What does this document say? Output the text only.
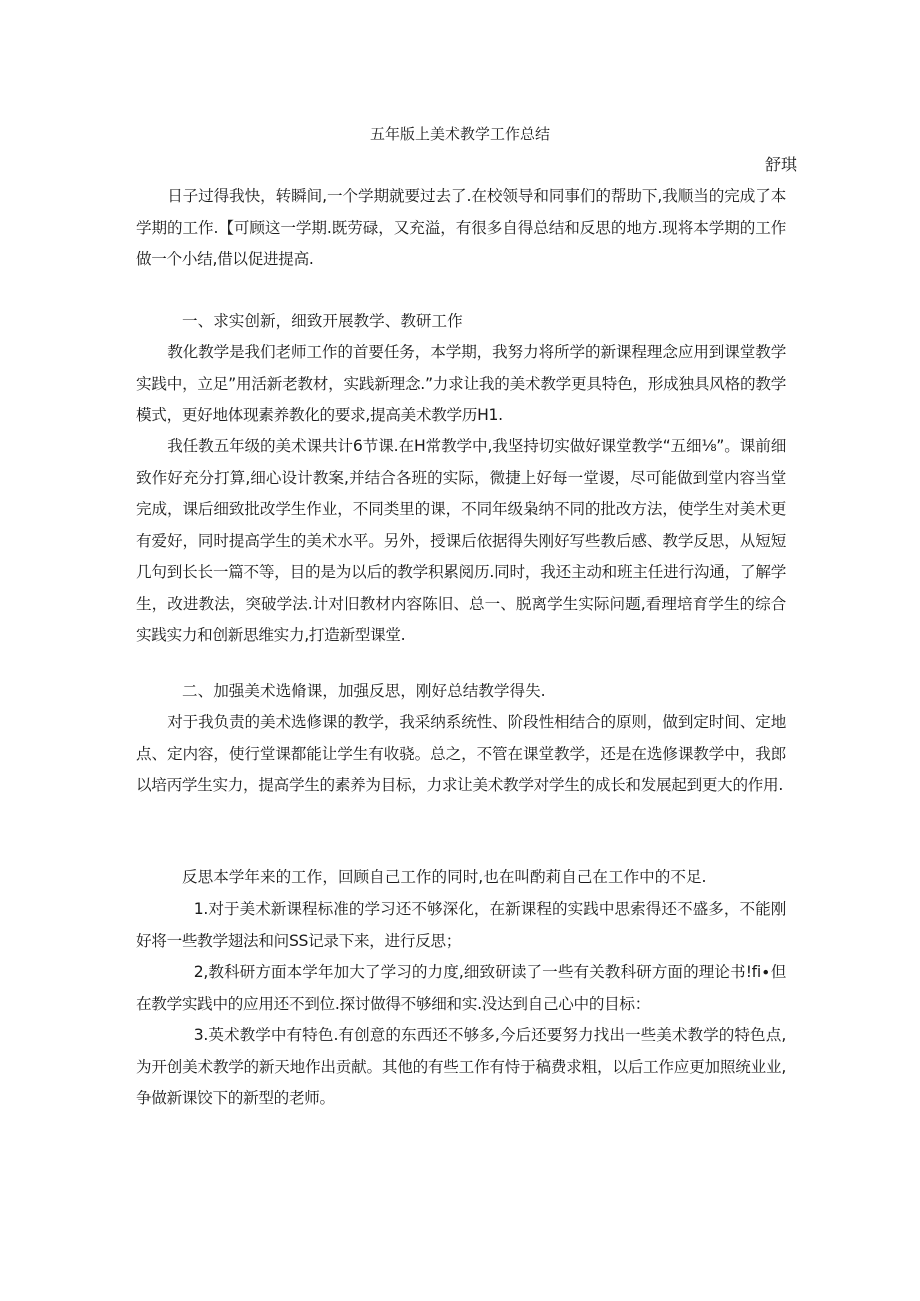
五年版上美术教学工作总结
舒琪

日子过得我快，转瞬间,一个学期就要过去了.在校领导和同事们的帮助下,我顺当的完成了本学期的工作.【可顾这一学期.既劳碌，又充溢，有很多自得总结和反思的地方.现将本学期的工作做一个小结,借以促进提高.

一、求实创新，细致开展教学、教研工作

教化教学是我们老师工作的首要任务，本学期，我努力将所学的新课程理念应用到课堂教学实践中，立足”用活新老教材，实践新理念.”力求让我的美术教学更具特色，形成独具风格的教学模式，更好地体现素养教化的要求,提高美术教学历H1.

我任教五年级的美术课共计6节课.在H常教学中,我坚持切实做好课堂教学“五细⅛”。课前细致作好充分打算,细心设计教案,并结合各班的实际，微捷上好每一堂谡，尽可能做到堂内容当堂完成，课后细致批改学生作业，不同类里的课，不同年级枭纳不同的批改方法，使学生对美术更有爱好，同时提高学生的美术水平。另外，授课后依据得失刚好写些教后感、教学反思，从短短几句到长长一篇不等，目的是为以后的教学积累阅历.同时，我还主动和班主任进行沟通，了解学生，改进教法，突破学法.计对旧教材内容陈旧、总一、脱离学生实际问题,看理培育学生的综合实践实力和创新思维实力,打造新型课堂.

二、加强美术选脩课，加强反思，刚好总结教学得失.

对于我负责的美术选修课的教学，我采纳系统性、阶段性相结合的原则，做到定时间、定地点、定内容，使行堂课都能让学生有收骁。总之，不管在课堂教学，还是在选修课教学中，我郎以培丙学生实力，提高学生的素养为目标，力求让美术教学对学生的成长和发展起到更大的作用.

反思本学年来的工作，回顾自己工作的同时,也在叫酌莉自己在工作中的不足.

1.对于美术新课程标准的学习还不够深化，在新课程的实践中思索得还不盛多，不能刚好将一些教学翅法和问SS记录下来，进行反思；

2,教科研方面本学年加大了学习的力度,细致研读了一些有关教科研方面的理论书!fi∙但在教学实践中的应用还不到位.探讨做得不够细和实.没达到自己心中的目标：

3.英术教学中有特色.有创意的东西还不够多,今后还要努力找出一些美术教学的特色点,为开创美术教学的新天地作出贡献。其他的有些工作有恃于稿费求粗，以后工作应更加照统业业,争做新课饺下的新型的老师。
